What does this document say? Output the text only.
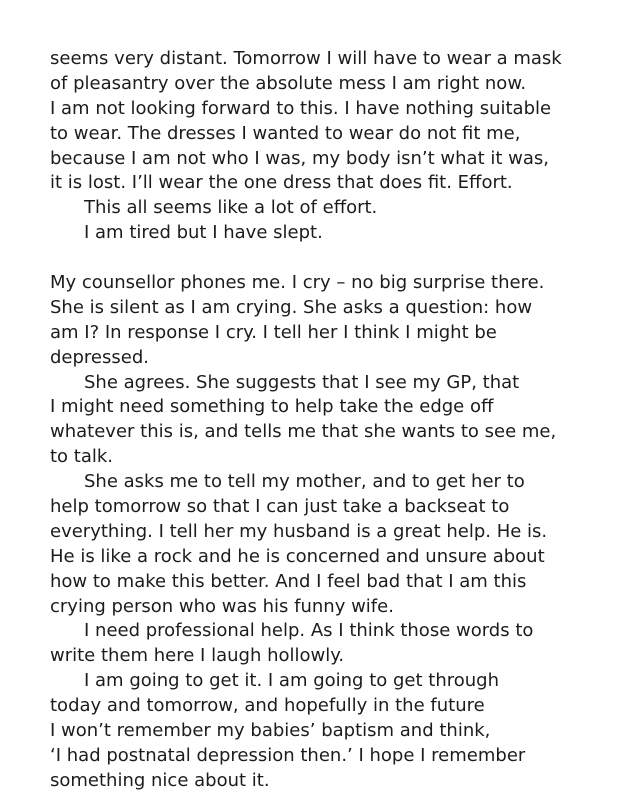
seems very distant. Tomorrow I will have to wear a mask
of pleasantry over the absolute mess I am right now.
I am not looking forward to this. I have nothing suitable
to wear. The dresses I wanted to wear do not fit me,
because I am not who I was, my body isn’t what it was,
it is lost. I’ll wear the one dress that does fit. Effort.
This all seems like a lot of effort.
I am tired but I have slept.
My counsellor phones me. I cry – no big surprise there.
She is silent as I am crying. She asks a question: how
am I? In response I cry. I tell her I think I might be
depressed.
She agrees. She suggests that I see my GP, that
I might need something to help take the edge off
whatever this is, and tells me that she wants to see me,
to talk.
She asks me to tell my mother, and to get her to
help tomorrow so that I can just take a backseat to
everything. I tell her my husband is a great help. He is.
He is like a rock and he is concerned and unsure about
how to make this better. And I feel bad that I am this
crying person who was his funny wife.
I need professional help. As I think those words to
write them here I laugh hollowly.
I am going to get it. I am going to get through
today and tomorrow, and hopefully in the future
I won’t remember my babies’ baptism and think,
‘I had postnatal depression then.’ I hope I remember
something nice about it.
